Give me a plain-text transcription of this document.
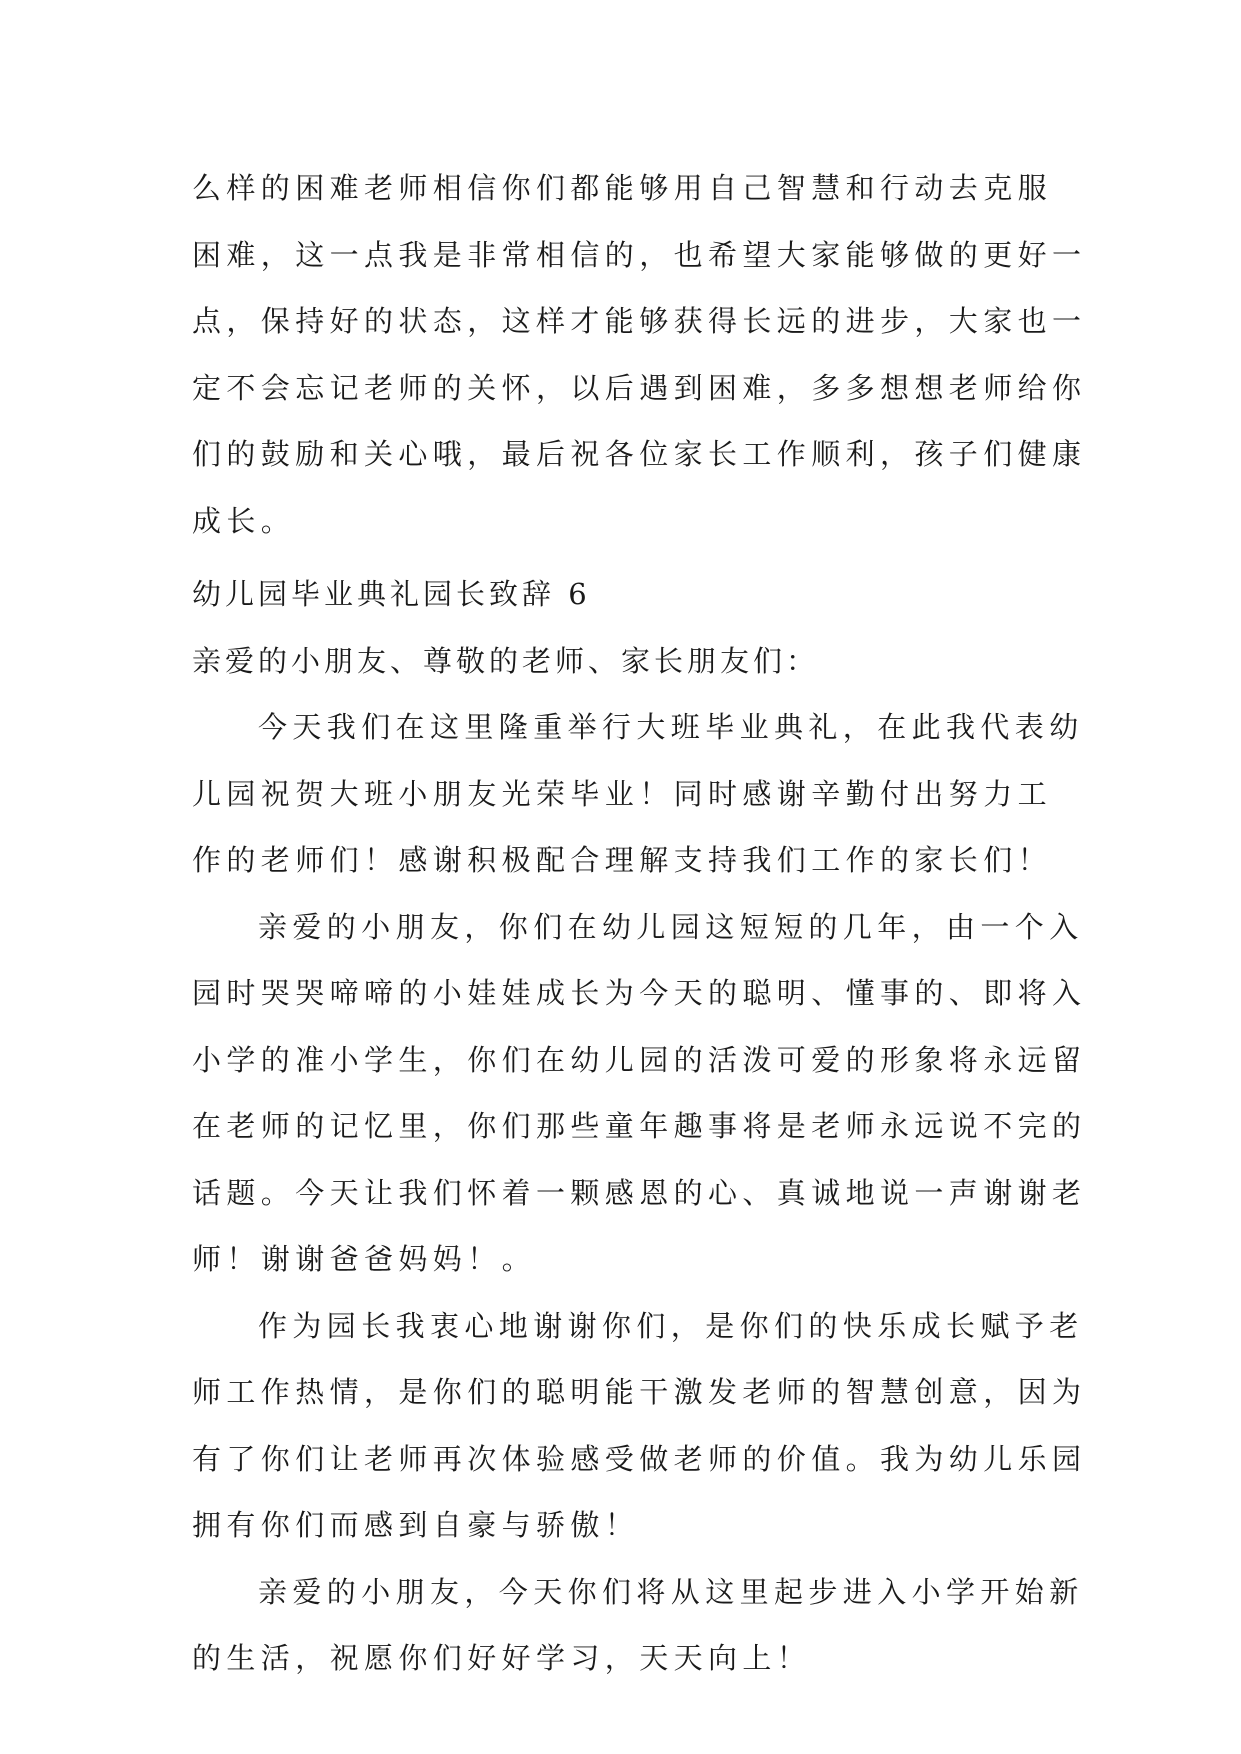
么样的困难老师相信你们都能够用自己智慧和行动去克服
困难，这一点我是非常相信的，也希望大家能够做的更好一
点，保持好的状态，这样才能够获得长远的进步，大家也一
定不会忘记老师的关怀，以后遇到困难，多多想想老师给你
们的鼓励和关心哦，最后祝各位家长工作顺利，孩子们健康
成长。
幼儿园毕业典礼园长致辞 6
亲爱的小朋友、尊敬的老师、家长朋友们：
今天我们在这里隆重举行大班毕业典礼，在此我代表幼
儿园祝贺大班小朋友光荣毕业！同时感谢辛勤付出努力工
作的老师们！感谢积极配合理解支持我们工作的家长们！
亲爱的小朋友，你们在幼儿园这短短的几年，由一个入
园时哭哭啼啼的小娃娃成长为今天的聪明、懂事的、即将入
小学的准小学生，你们在幼儿园的活泼可爱的形象将永远留
在老师的记忆里，你们那些童年趣事将是老师永远说不完的
话题。今天让我们怀着一颗感恩的心、真诚地说一声谢谢老
师！谢谢爸爸妈妈！。
作为园长我衷心地谢谢你们，是你们的快乐成长赋予老
师工作热情，是你们的聪明能干激发老师的智慧创意，因为
有了你们让老师再次体验感受做老师的价值。我为幼儿乐园
拥有你们而感到自豪与骄傲！
亲爱的小朋友，今天你们将从这里起步进入小学开始新
的生活，祝愿你们好好学习，天天向上！
